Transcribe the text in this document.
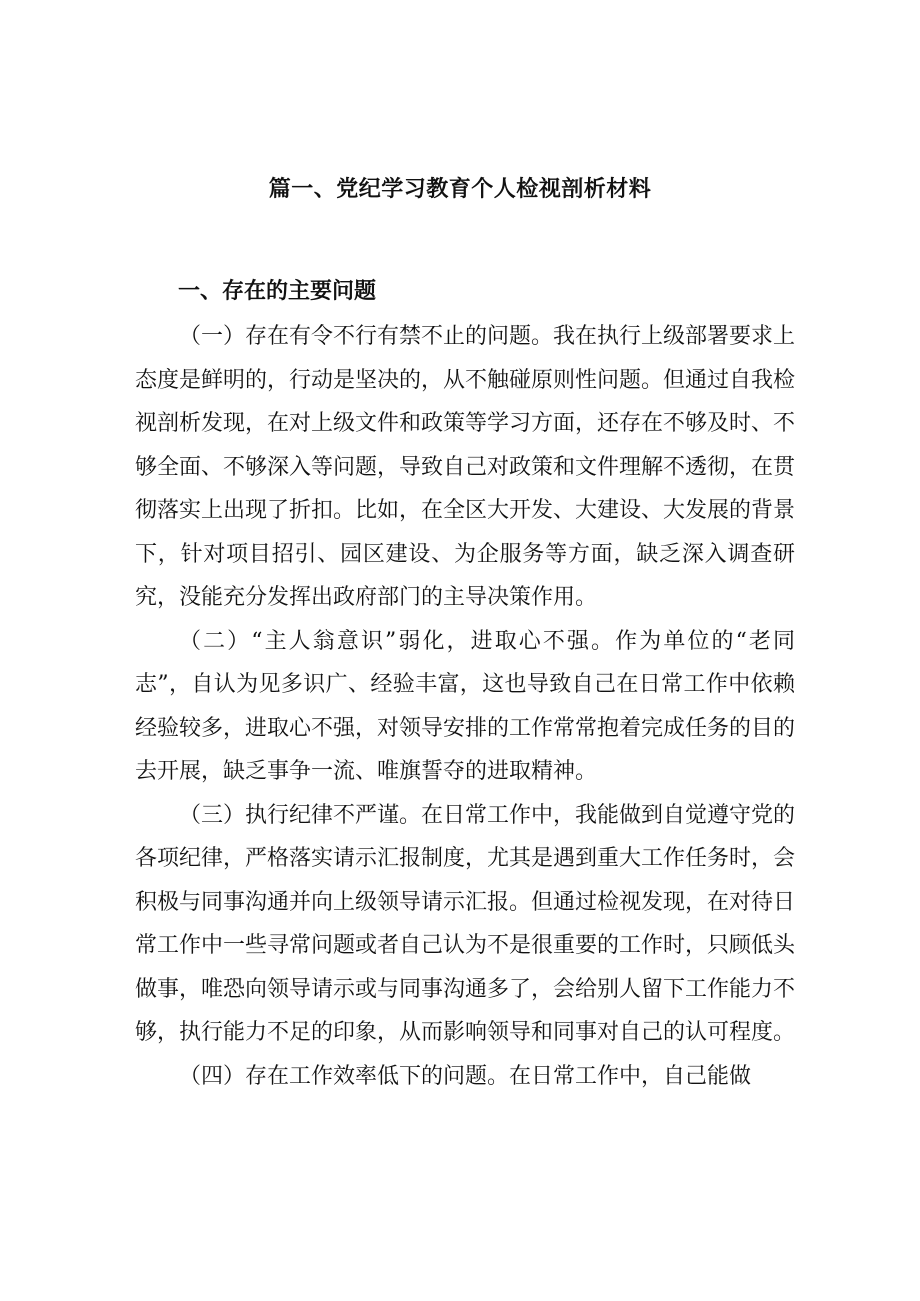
篇一、党纪学习教育个人检视剖析材料
一、存在的主要问题

（一）存在有令不行有禁不止的问题。我在执行上级部署要求上态度是鲜明的，行动是坚决的，从不触碰原则性问题。但通过自我检视剖析发现，在对上级文件和政策等学习方面，还存在不够及时、不够全面、不够深入等问题，导致自己对政策和文件理解不透彻，在贯彻落实上出现了折扣。比如，在全区大开发、大建设、大发展的背景下，针对项目招引、园区建设、为企服务等方面，缺乏深入调查研究，没能充分发挥出政府部门的主导决策作用。

（二）“主人翁意识”弱化，进取心不强。作为单位的“老同志”，自认为见多识广、经验丰富，这也导致自己在日常工作中依赖经验较多，进取心不强，对领导安排的工作常常抱着完成任务的目的去开展，缺乏事争一流、唯旗誓夺的进取精神。

（三）执行纪律不严谨。在日常工作中，我能做到自觉遵守党的各项纪律，严格落实请示汇报制度，尤其是遇到重大工作任务时，会积极与同事沟通并向上级领导请示汇报。但通过检视发现，在对待日常工作中一些寻常问题或者自己认为不是很重要的工作时，只顾低头做事，唯恐向领导请示或与同事沟通多了，会给别人留下工作能力不够，执行能力不足的印象，从而影响领导和同事对自己的认可程度。

（四）存在工作效率低下的问题。在日常工作中，自己能做
